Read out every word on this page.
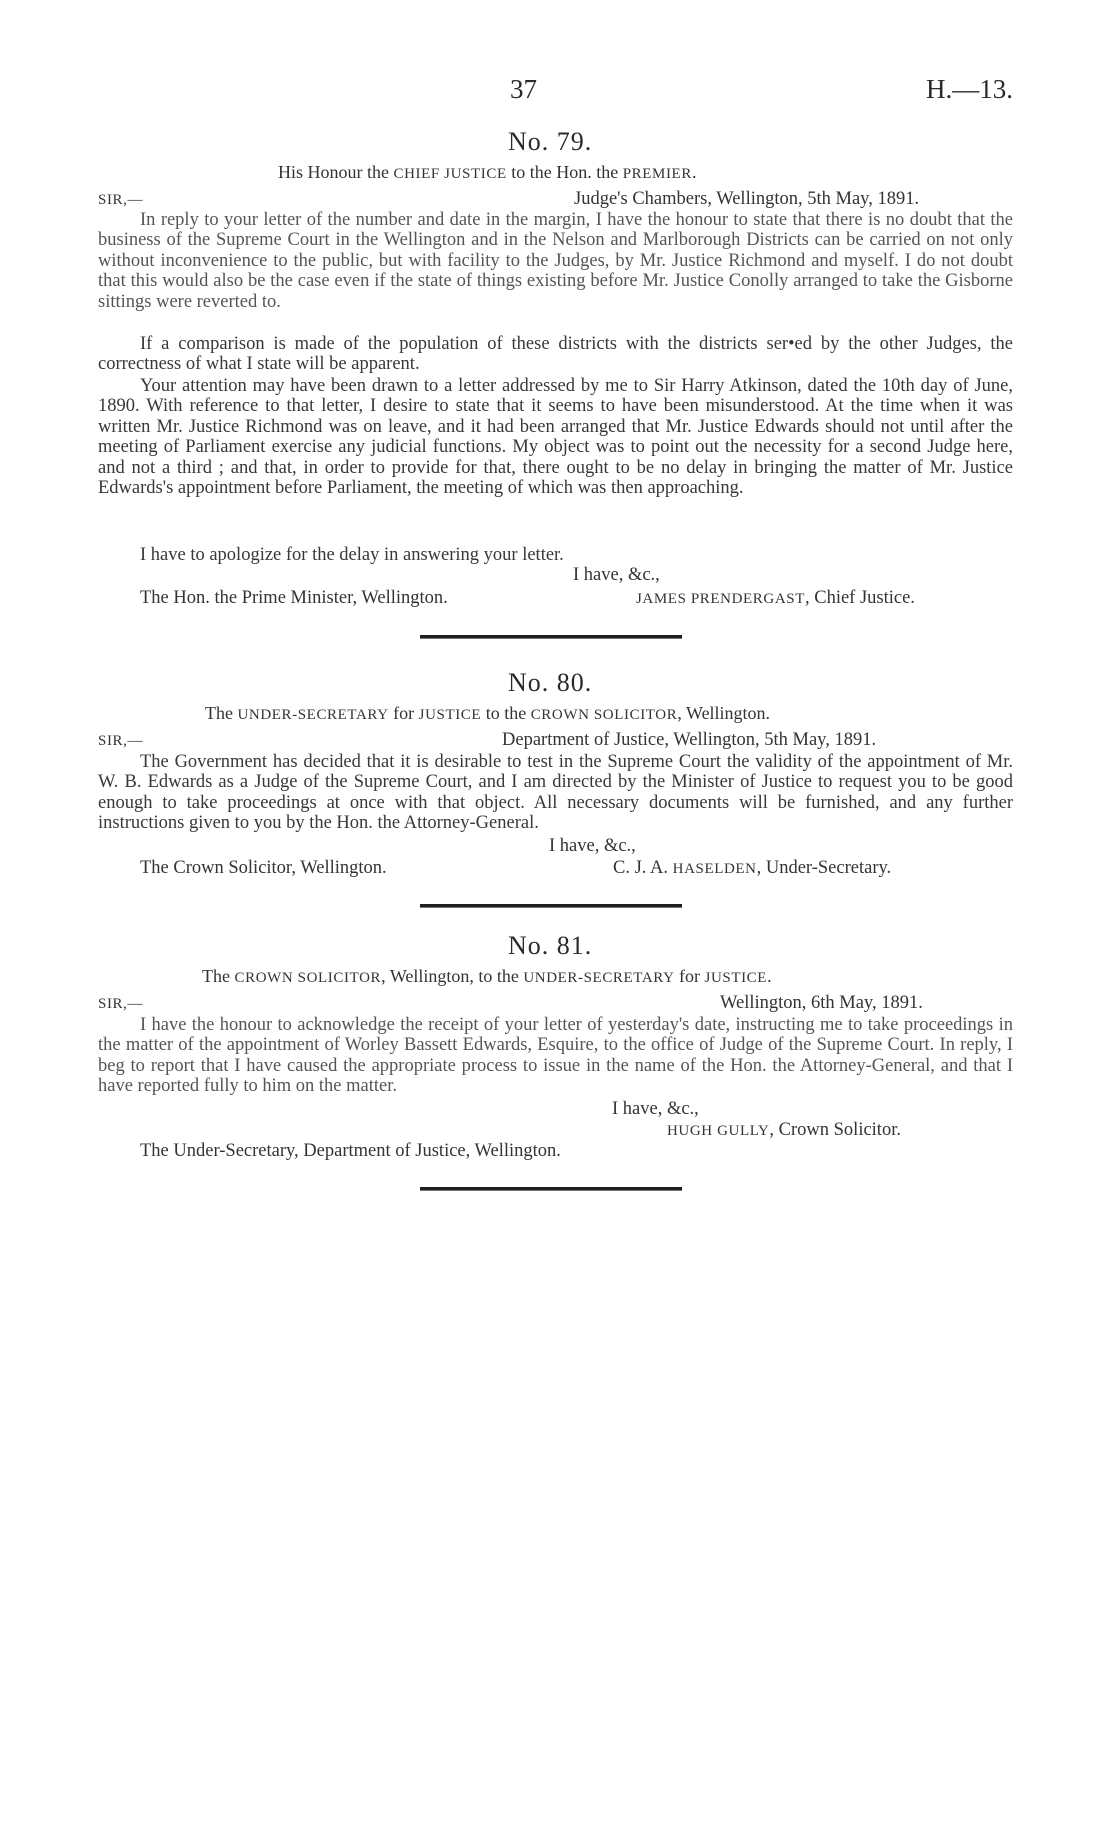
37	H.—13.
No. 79.
His Honour the CHIEF JUSTICE to the Hon. the PREMIER.
SIR,—	Judge's Chambers, Wellington, 5th May, 1891.

In reply to your letter of the number and date in the margin, I have the honour to state that there is no doubt that the business of the Supreme Court in the Wellington and in the Nelson and Marlborough Districts can be carried on not only without inconvenience to the public, but with facility to the Judges, by Mr. Justice Richmond and myself. I do not doubt that this would also be the case even if the state of things existing before Mr. Justice Conolly arranged to take the Gisborne sittings were reverted to.

If a comparison is made of the population of these districts with the districts ser•ed by the other Judges, the correctness of what I state will be apparent.

Your attention may have been drawn to a letter addressed by me to Sir Harry Atkinson, dated the 10th day of June, 1890. With reference to that letter, I desire to state that it seems to have been misunderstood. At the time when it was written Mr. Justice Richmond was on leave, and it had been arranged that Mr. Justice Edwards should not until after the meeting of Parliament exercise any judicial functions. My object was to point out the necessity for a second Judge here, and not a third ; and that, in order to provide for that, there ought to be no delay in bringing the matter of Mr. Justice Edwards's appointment before Parliament, the meeting of which was then approaching.

I have to apologize for the delay in answering your letter.

I have, &c.,
The Hon. the Prime Minister, Wellington.	JAMES PRENDERGAST, Chief Justice.
No. 80.
The UNDER-SECRETARY for JUSTICE to the CROWN SOLICITOR, Wellington.
SIR,—	Department of Justice, Wellington, 5th May, 1891.

The Government has decided that it is desirable to test in the Supreme Court the validity of the appointment of Mr. W. B. Edwards as a Judge of the Supreme Court, and I am directed by the Minister of Justice to request you to be good enough to take proceedings at once with that object. All necessary documents will be furnished, and any further instructions given to you by the Hon. the Attorney-General.

I have, &c.,
The Crown Solicitor, Wellington.	C. J. A. HASELDEN, Under-Secretary.
No. 81.
The CROWN SOLICITOR, Wellington, to the UNDER-SECRETARY for JUSTICE.
SIR,—	Wellington, 6th May, 1891.

I have the honour to acknowledge the receipt of your letter of yesterday's date, instructing me to take proceedings in the matter of the appointment of Worley Bassett Edwards, Esquire, to the office of Judge of the Supreme Court. In reply, I beg to report that I have caused the appropriate process to issue in the name of the Hon. the Attorney-General, and that I have reported fully to him on the matter.

I have, &c.,
HUGH GULLY, Crown Solicitor.
The Under-Secretary, Department of Justice, Wellington.
